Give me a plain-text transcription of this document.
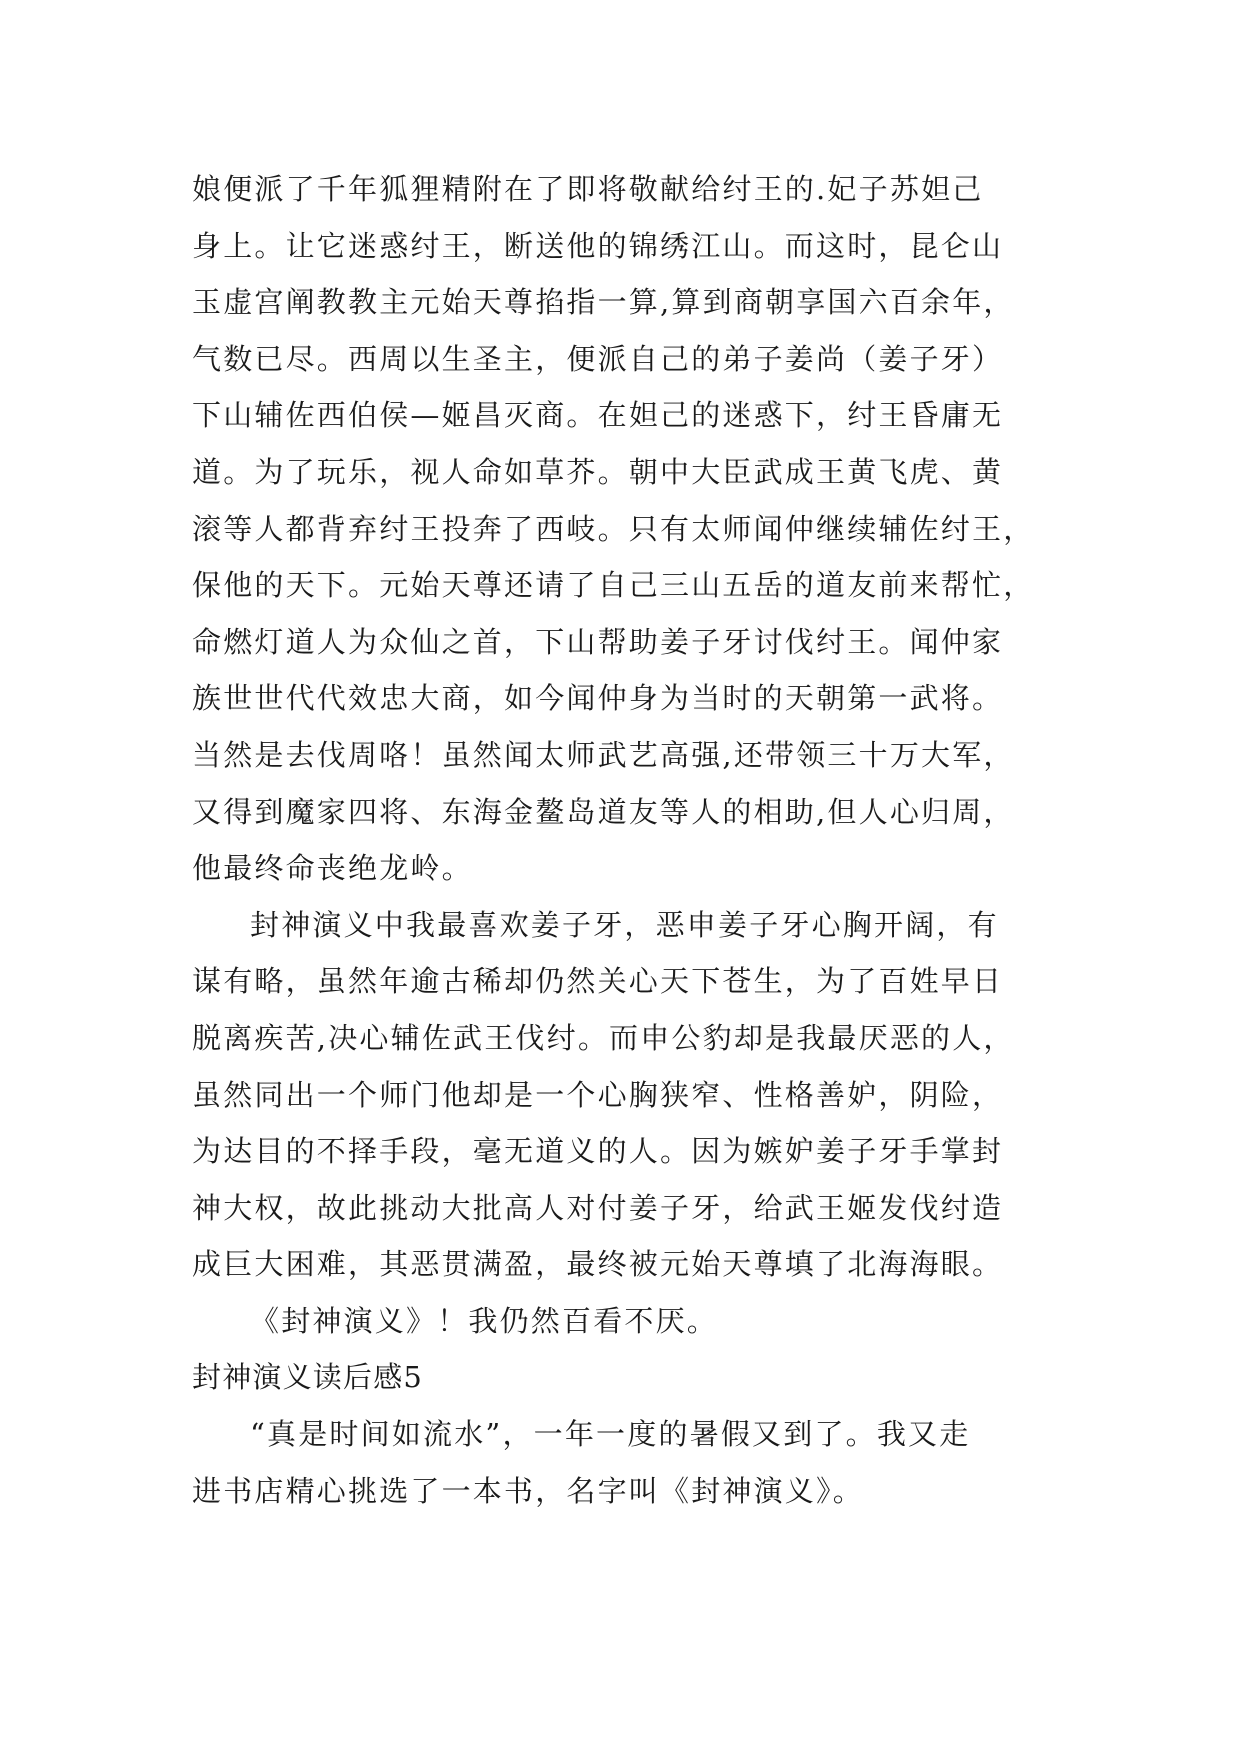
娘便派了千年狐狸精附在了即将敬献给纣王的.妃子苏妲己
身上。让它迷惑纣王，断送他的锦绣江山。而这时，昆仑山
玉虚宫阐教教主元始天尊掐指一算,算到商朝享国六百余年，
气数已尽。西周以生圣主，便派自己的弟子姜尚（姜子牙）
下山辅佐西伯侯—姬昌灭商。在妲己的迷惑下，纣王昏庸无
道。为了玩乐，视人命如草芥。朝中大臣武成王黄飞虎、黄
滚等人都背弃纣王投奔了西岐。只有太师闻仲继续辅佐纣王，
保他的天下。元始天尊还请了自己三山五岳的道友前来帮忙，
命燃灯道人为众仙之首，下山帮助姜子牙讨伐纣王。闻仲家
族世世代代效忠大商，如今闻仲身为当时的天朝第一武将。
当然是去伐周咯！虽然闻太师武艺高强,还带领三十万大军，
又得到魔家四将、东海金鳌岛道友等人的相助,但人心归周，
他最终命丧绝龙岭。
封神演义中我最喜欢姜子牙，恶申姜子牙心胸开阔，有
谋有略，虽然年逾古稀却仍然关心天下苍生，为了百姓早日
脱离疾苦,决心辅佐武王伐纣。而申公豹却是我最厌恶的人，
虽然同出一个师门他却是一个心胸狭窄、性格善妒，阴险，
为达目的不择手段，毫无道义的人。因为嫉妒姜子牙手掌封
神大权，故此挑动大批高人对付姜子牙，给武王姬发伐纣造
成巨大困难，其恶贯满盈，最终被元始天尊填了北海海眼。
《封神演义》！我仍然百看不厌。
封神演义读后感5
“真是时间如流水”，一年一度的暑假又到了。我又走
进书店精心挑选了一本书，名字叫《封神演义》。
